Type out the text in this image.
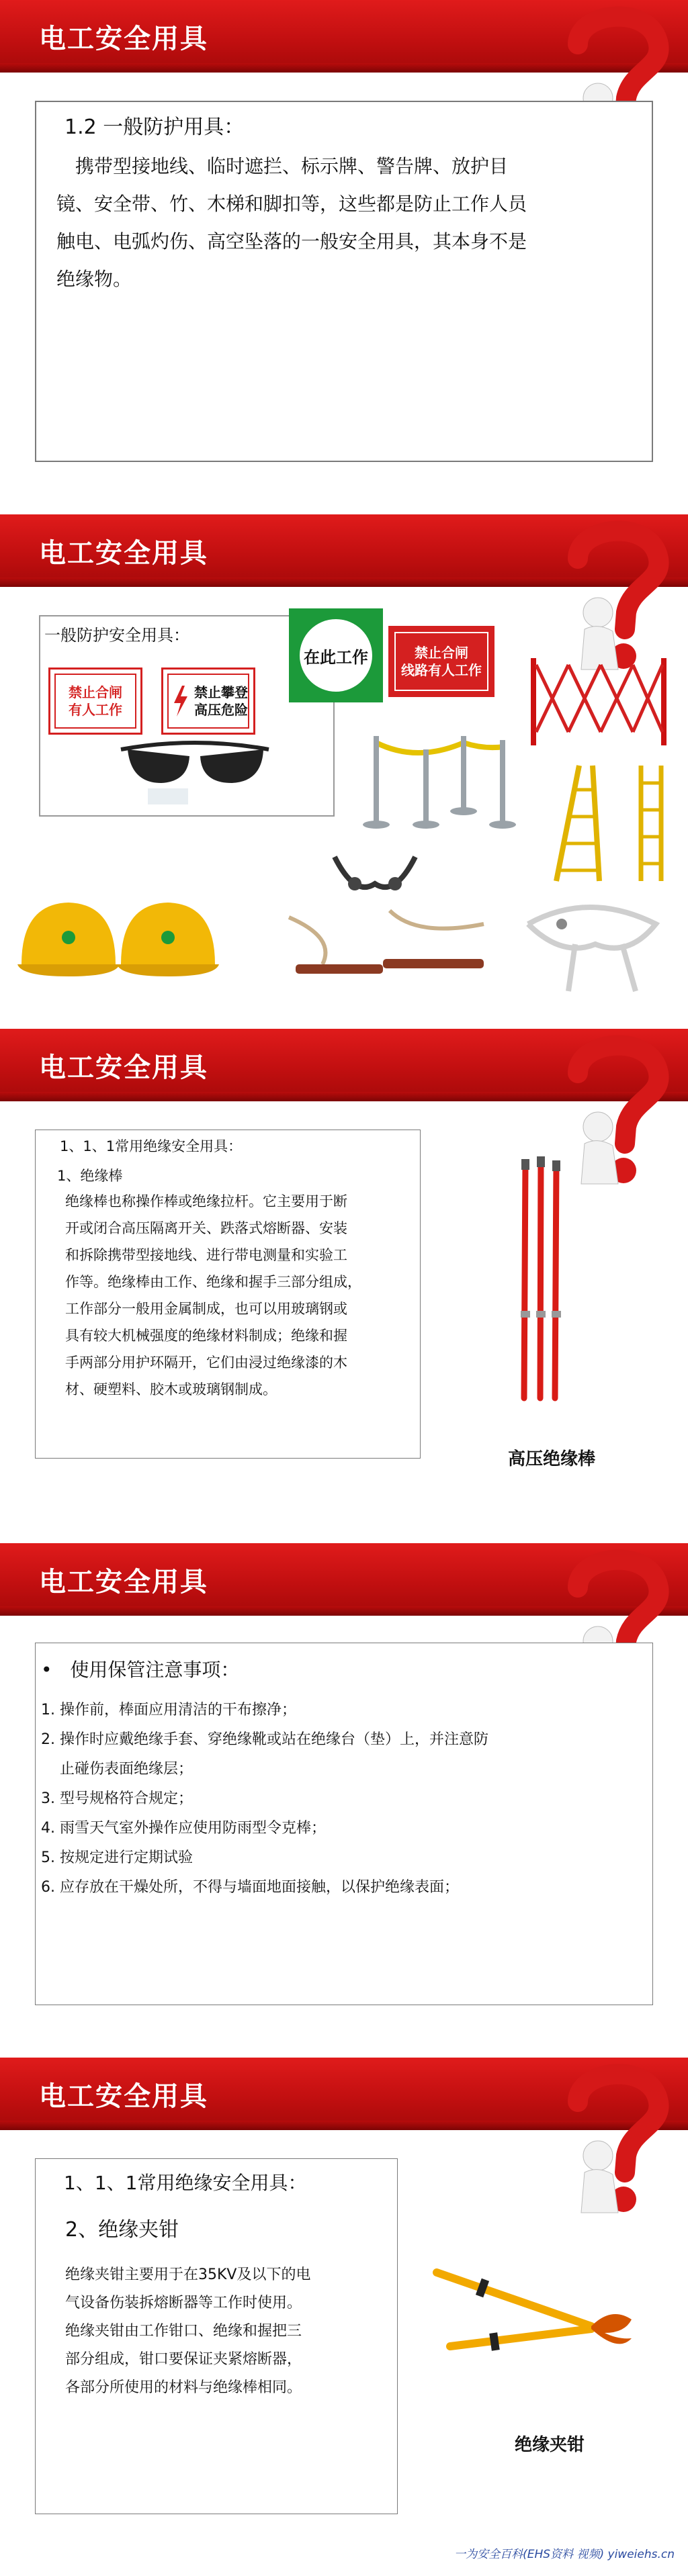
电工安全用具
1.2 一般防护用具：
　携带型接地线、临时遮拦、标示牌、警告牌、放护目
镜、安全带、竹、木梯和脚扣等，这些都是防止工作人员
触电、电弧灼伤、高空坠落的一般安全用具，其本身不是
绝缘物。
电工安全用具
一般防护安全用具：
禁止合闸
有人工作
禁止攀登
高压危险
在此工作	禁止合闸
线路有人工作
电工安全用具
1、1、1常用绝缘安全用具：
1、绝缘棒
绝缘棒也称操作棒或绝缘拉杆。它主要用于断
开或闭合高压隔离开关、跌落式熔断器、安装
和拆除携带型接地线、进行带电测量和实验工
作等。绝缘棒由工作、绝缘和握手三部分组成，
工作部分一般用金属制成，也可以用玻璃钢或
具有较大机械强度的绝缘材料制成；绝缘和握
手两部分用护环隔开，它们由浸过绝缘漆的木
材、硬塑料、胶木或玻璃钢制成。
高压绝缘棒
电工安全用具
• 使用保管注意事项：
1. 操作前，棒面应用清洁的干布擦净；
2. 操作时应戴绝缘手套、穿绝缘靴或站在绝缘台（垫）上，并注意防
止碰伤表面绝缘层；
3. 型号规格符合规定；
4. 雨雪天气室外操作应使用防雨型令克棒；
5. 按规定进行定期试验
6. 应存放在干燥处所，不得与墙面地面接触，以保护绝缘表面；
电工安全用具
1、1、1常用绝缘安全用具：
2、绝缘夹钳
绝缘夹钳主要用于在35KV及以下的电
气设备伤装拆熔断器等工作时使用。
绝缘夹钳由工作钳口、绝缘和握把三
部分组成，钳口要保证夹紧熔断器，
各部分所使用的材料与绝缘棒相同。
绝缘夹钳
一为安全百科(EHS资料 视频) yiweiehs.cn
